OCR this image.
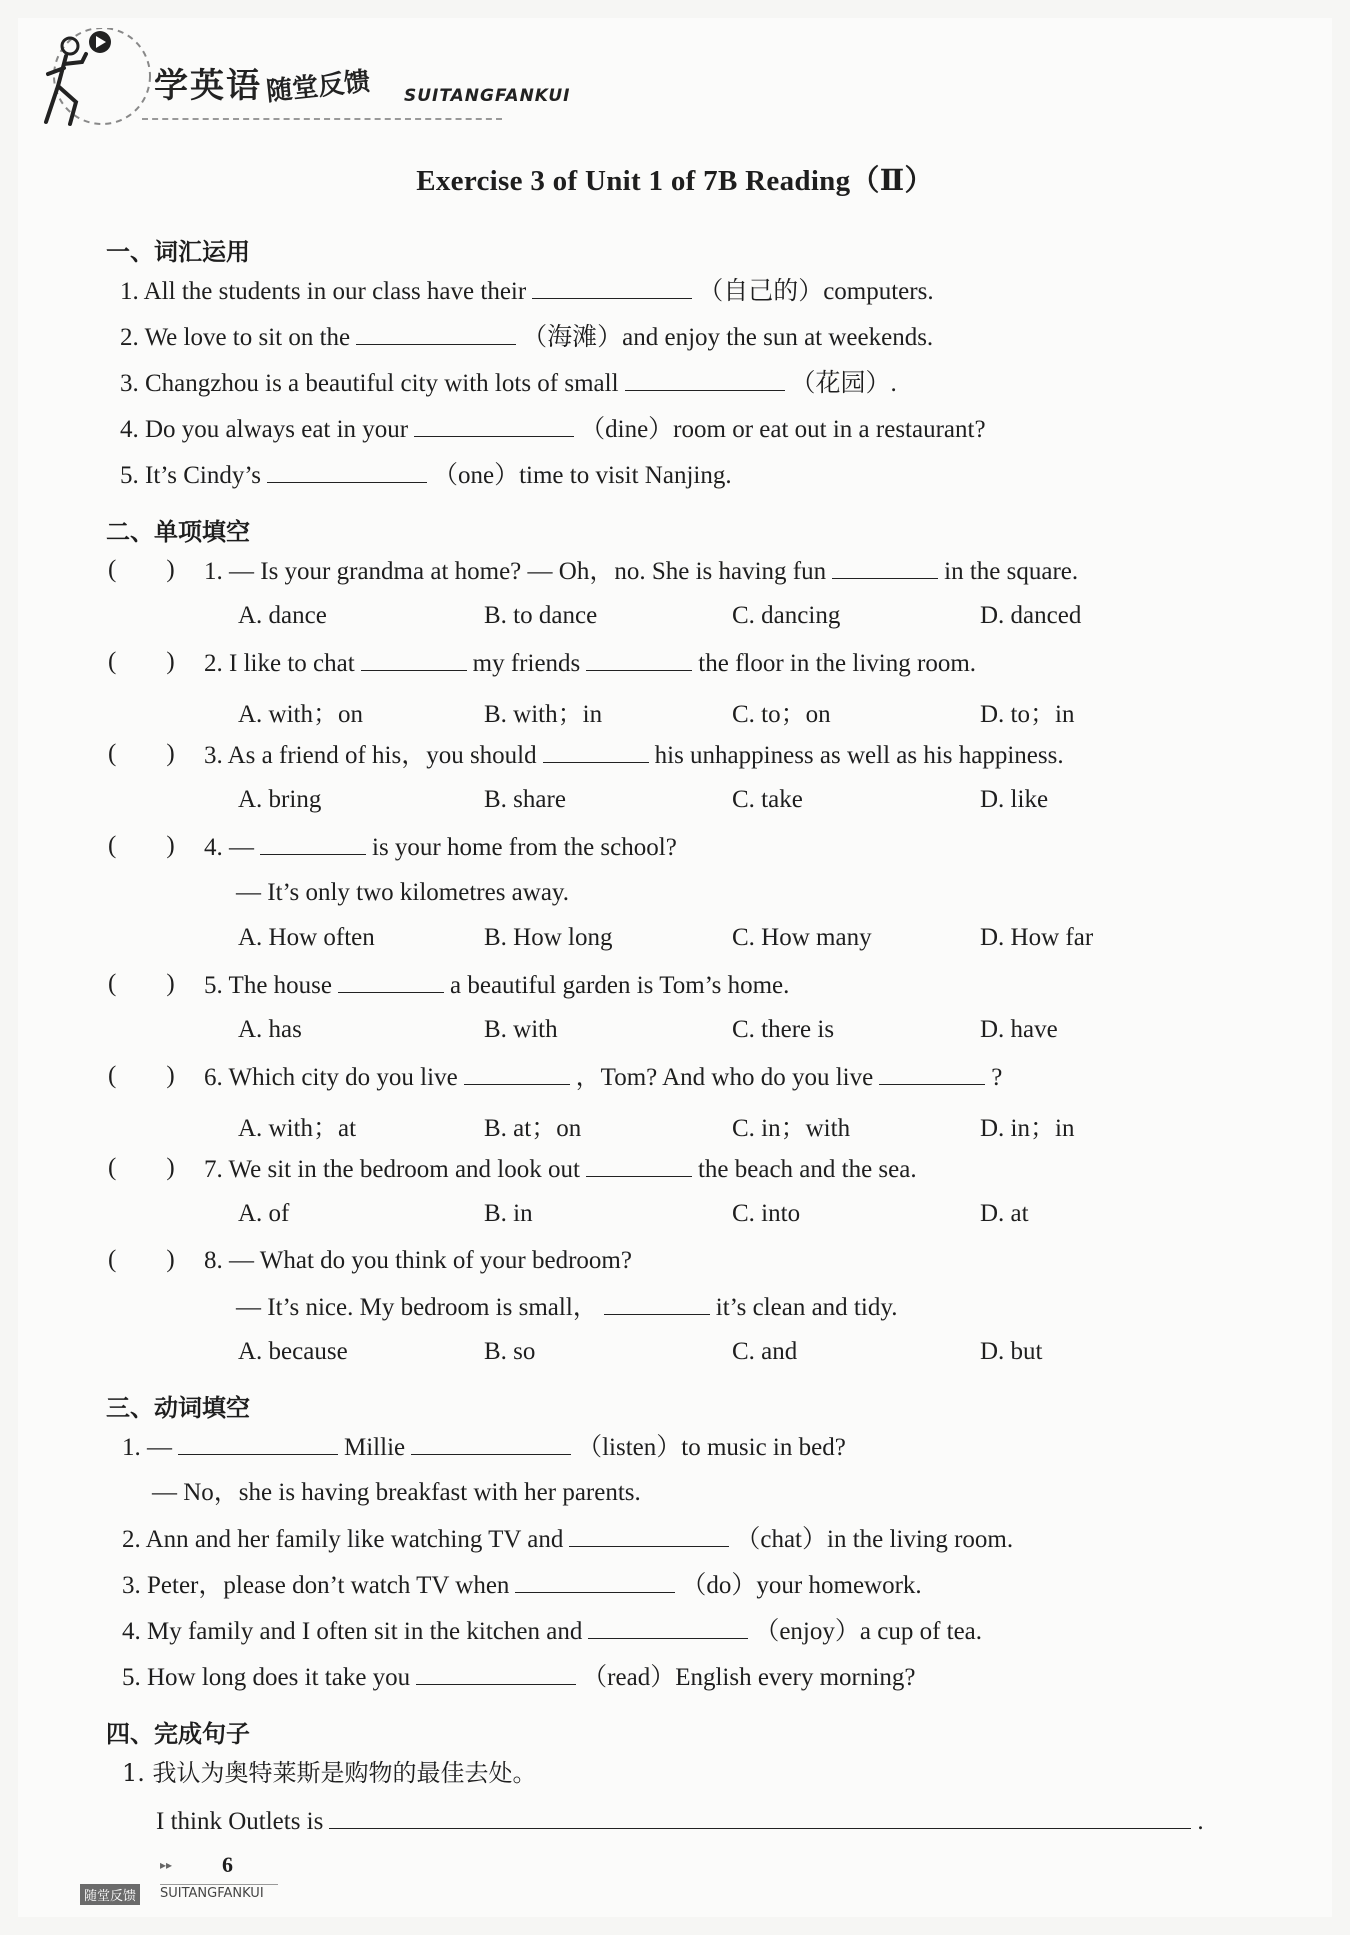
学英语 随堂反馈 SUITANGFANKUI
Exercise 3 of Unit 1 of 7B Reading（Ⅱ）
一、词汇运用
1. All the students in our class have their	（自己的）computers.
2. We love to sit on the	（海滩）and enjoy the sun at weekends.
3. Changzhou is a beautiful city with lots of small	（花园）.
4. Do you always eat in your	（dine）room or eat out in a restaurant?
5. It’s Cindy’s	（one）time to visit Nanjing.
二、单项填空
( ) 1. — Is your grandma at home? — Oh，no. She is having fun	in the square.
A. dance	B. to dance	C. dancing	D. danced
( ) 2. I like to chat	my friends	the floor in the living room.
A. with；on	B. with；in	C. to；on	D. to；in
( ) 3. As a friend of his，you should	his unhappiness as well as his happiness.
A. bring	B. share	C. take	D. like
( ) 4. —	is your home from the school?
— It’s only two kilometres away.
A. How often	B. How long	C. How many	D. How far
( ) 5. The house	a beautiful garden is Tom’s home.
A. has	B. with	C. there is	D. have
( ) 6. Which city do you live	，Tom? And who do you live	?
A. with；at	B. at；on	C. in；with	D. in；in
( ) 7. We sit in the bedroom and look out	the beach and the sea.
A. of	B. in	C. into	D. at
( ) 8. — What do you think of your bedroom?
— It’s nice. My bedroom is small，	it’s clean and tidy.
A. because	B. so	C. and	D. but
三、动词填空
1. —	Millie	（listen）to music in bed?
— No，she is having breakfast with her parents.
2. Ann and her family like watching TV and	（chat）in the living room.
3. Peter，please don’t watch TV when	（do）your homework.
4. My family and I often sit in the kitchen and	（enjoy）a cup of tea.
5. How long does it take you	（read）English every morning?
四、完成句子
1. 我认为奥特莱斯是购物的最佳去处。
I think Outlets is	.
▸▸ 6
随堂反馈	SUITANGFANKUI
